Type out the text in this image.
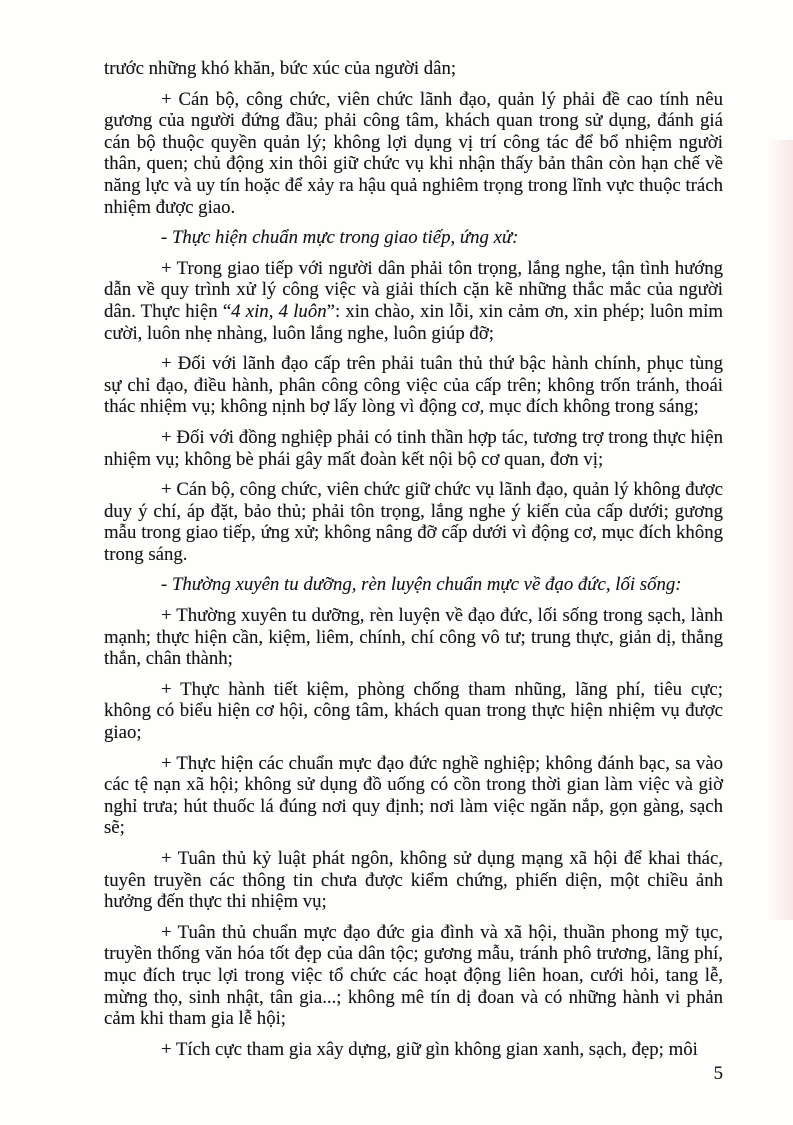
trước những khó khăn, bức xúc của người dân;

+ Cán bộ, công chức, viên chức lãnh đạo, quản lý phải đề cao tính nêu gương của người đứng đầu; phải công tâm, khách quan trong sử dụng, đánh giá cán bộ thuộc quyền quản lý; không lợi dụng vị trí công tác để bổ nhiệm người thân, quen; chủ động xin thôi giữ chức vụ khi nhận thấy bản thân còn hạn chế về năng lực và uy tín hoặc để xảy ra hậu quả nghiêm trọng trong lĩnh vực thuộc trách nhiệm được giao.

- Thực hiện chuẩn mực trong giao tiếp, ứng xử:

+ Trong giao tiếp với người dân phải tôn trọng, lắng nghe, tận tình hướng dẫn về quy trình xử lý công việc và giải thích cặn kẽ những thắc mắc của người dân. Thực hiện “4 xin, 4 luôn”: xin chào, xin lỗi, xin cảm ơn, xin phép; luôn mỉm cười, luôn nhẹ nhàng, luôn lắng nghe, luôn giúp đỡ;

+ Đối với lãnh đạo cấp trên phải tuân thủ thứ bậc hành chính, phục tùng sự chỉ đạo, điều hành, phân công công việc của cấp trên; không trốn tránh, thoái thác nhiệm vụ; không nịnh bợ lấy lòng vì động cơ, mục đích không trong sáng;

+ Đối với đồng nghiệp phải có tinh thần hợp tác, tương trợ trong thực hiện nhiệm vụ; không bè phái gây mất đoàn kết nội bộ cơ quan, đơn vị;

+ Cán bộ, công chức, viên chức giữ chức vụ lãnh đạo, quản lý không được duy ý chí, áp đặt, bảo thủ; phải tôn trọng, lắng nghe ý kiến của cấp dưới; gương mẫu trong giao tiếp, ứng xử; không nâng đỡ cấp dưới vì động cơ, mục đích không trong sáng.

- Thường xuyên tu dưỡng, rèn luyện chuẩn mực về đạo đức, lối sống:

+ Thường xuyên tu dưỡng, rèn luyện về đạo đức, lối sống trong sạch, lành mạnh; thực hiện cần, kiệm, liêm, chính, chí công vô tư; trung thực, giản dị, thẳng thắn, chân thành;

+ Thực hành tiết kiệm, phòng chống tham nhũng, lãng phí, tiêu cực; không có biểu hiện cơ hội, công tâm, khách quan trong thực hiện nhiệm vụ được giao;

+ Thực hiện các chuẩn mực đạo đức nghề nghiệp; không đánh bạc, sa vào các tệ nạn xã hội; không sử dụng đồ uống có cồn trong thời gian làm việc và giờ nghỉ trưa; hút thuốc lá đúng nơi quy định; nơi làm việc ngăn nắp, gọn gàng, sạch sẽ;

+ Tuân thủ kỷ luật phát ngôn, không sử dụng mạng xã hội để khai thác, tuyên truyền các thông tin chưa được kiểm chứng, phiến diện, một chiều ảnh hưởng đến thực thi nhiệm vụ;

+ Tuân thủ chuẩn mực đạo đức gia đình và xã hội, thuần phong mỹ tục, truyền thống văn hóa tốt đẹp của dân tộc; gương mẫu, tránh phô trương, lãng phí, mục đích trục lợi trong việc tổ chức các hoạt động liên hoan, cưới hỏi, tang lễ, mừng thọ, sinh nhật, tân gia...; không mê tín dị đoan và có những hành vi phản cảm khi tham gia lễ hội;

+ Tích cực tham gia xây dựng, giữ gìn không gian xanh, sạch, đẹp; môi

5
